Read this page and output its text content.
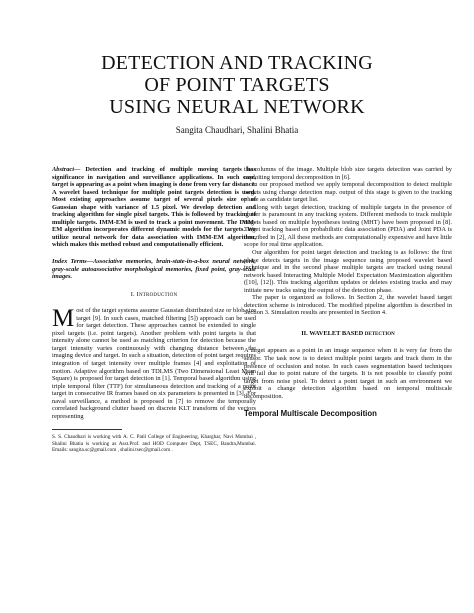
DETECTION AND TRACKING
OF POINT TARGETS
USING NEURAL NETWORK
Sangita Chaudhari, Shalini Bhatia

Abstract— Detection and tracking of multiple moving targets has significance in navigation and surveillance applications. In such case, target is appearing as a point when imaging is done from very far distance. A wavelet based technique for multiple point targets detection is used. Most existing approaches assume target of several pixels size or of Gaussian shape with variance of 1.5 pixel. We develop detection and tracking algorithm for single pixel targets. This is followed by tracking of multiple targets. IMM-EM is used to track a point movement. The IMM-EM algorithm incorporates different dynamic models for the targets. We utilize neural network for data association with IMM-EM algorithm, which makes this method robust and computationally efficient.

Index Terms—Associative memories, brain-state-in-a-box neural network, gray-scale autoassociative morphological memories, fixed point, gray-scale images.

I. INTRODUCTION

Most of the target systems assume Gaussian distributed size or blob size target [9]. In such cases, matched filtering [5]) approach can be used for target detection. These approaches cannot be extended to single pixel targets (i.e. point targets). Another problem with point targets is that intensity alone cannot be used as matching criterion for detection because the target intensity varies continuously with changing distance between the imaging device and target. In such a situation, detection of point target requires integration of target intensity over multiple frames [4] and exploitation of motion. Adaptive algorithm based on TDLMS (Two Dimensional Least Mean Square) is proposed for target detection in [1]. Temporal based algorithm using triple temporal filter (TTF) for simultaneous detection and tracking of a point target in consecutive IR frames based on six parameters is presented in [3]. For naval surveillance, a method is proposed in [7] to remove the temporally correlated background clutter based on discrete KLT transform of the vectors representing

S. S. Chaudhari is working with A. C. Patil College of Engineering, Kharghar, Navi Mumbai , Shalini Bhatia is working as Asst.Prof. and HOD Computer Dept, TSEC, Bandra,Mumbai. Emails: sangita.sc@gmail.com , shalini.tsec@gmail.com .

the columns of the image. Multiple blob size targets detection was carried by exploiting temporal decomposition in [6].

In our proposed method we apply temporal decomposition to detect multiple targets using change detection map. output of this stage is given to the tracking phase as candidate target list.

Along with target detection, tracking of multiple targets in the presence of clutter is paramount in any tracking system. Different methods to track multiple targets based on multiple hypotheses testing (MHT) have been proposed in [8]. Target tracking based on probabilistic data association (PDA) and Joint PDA is described in [2], All these methods are computationally expensive and have little scope for real time application.

Our algorithm for point target detection and tracking is as follows: the first phase detects targets in the image sequence using proposed wavelet based technique and in the second phase multiple targets are tracked using neural network based Interacting Multiple Model Expectation Maximization algorithm ([10], [12]). This tracking algorithm updates or deletes existing tracks and may initiate new tracks using the output of the detection phase.

The paper is organized as follows. In Section 2, the wavelet based target detection scheme is introduced. The modified pipeline algorithm is described in Section 3. Simulation results are presented in Section 4.

II. WAVELET BASED DETECTION

A target appears as a point in an image sequence when it is very far from the sensor. The task now is to detect multiple point targets and track them in the presence of occlusion and noise. In such cases segmentation based techniques will fail due to point nature of the targets. It is not possible to classify point target from noise pixel. To detect a point target in such an environment we exploit a change detection algorithm based on temporal multiscale decomposition.

Temporal Multiscale Decomposition
